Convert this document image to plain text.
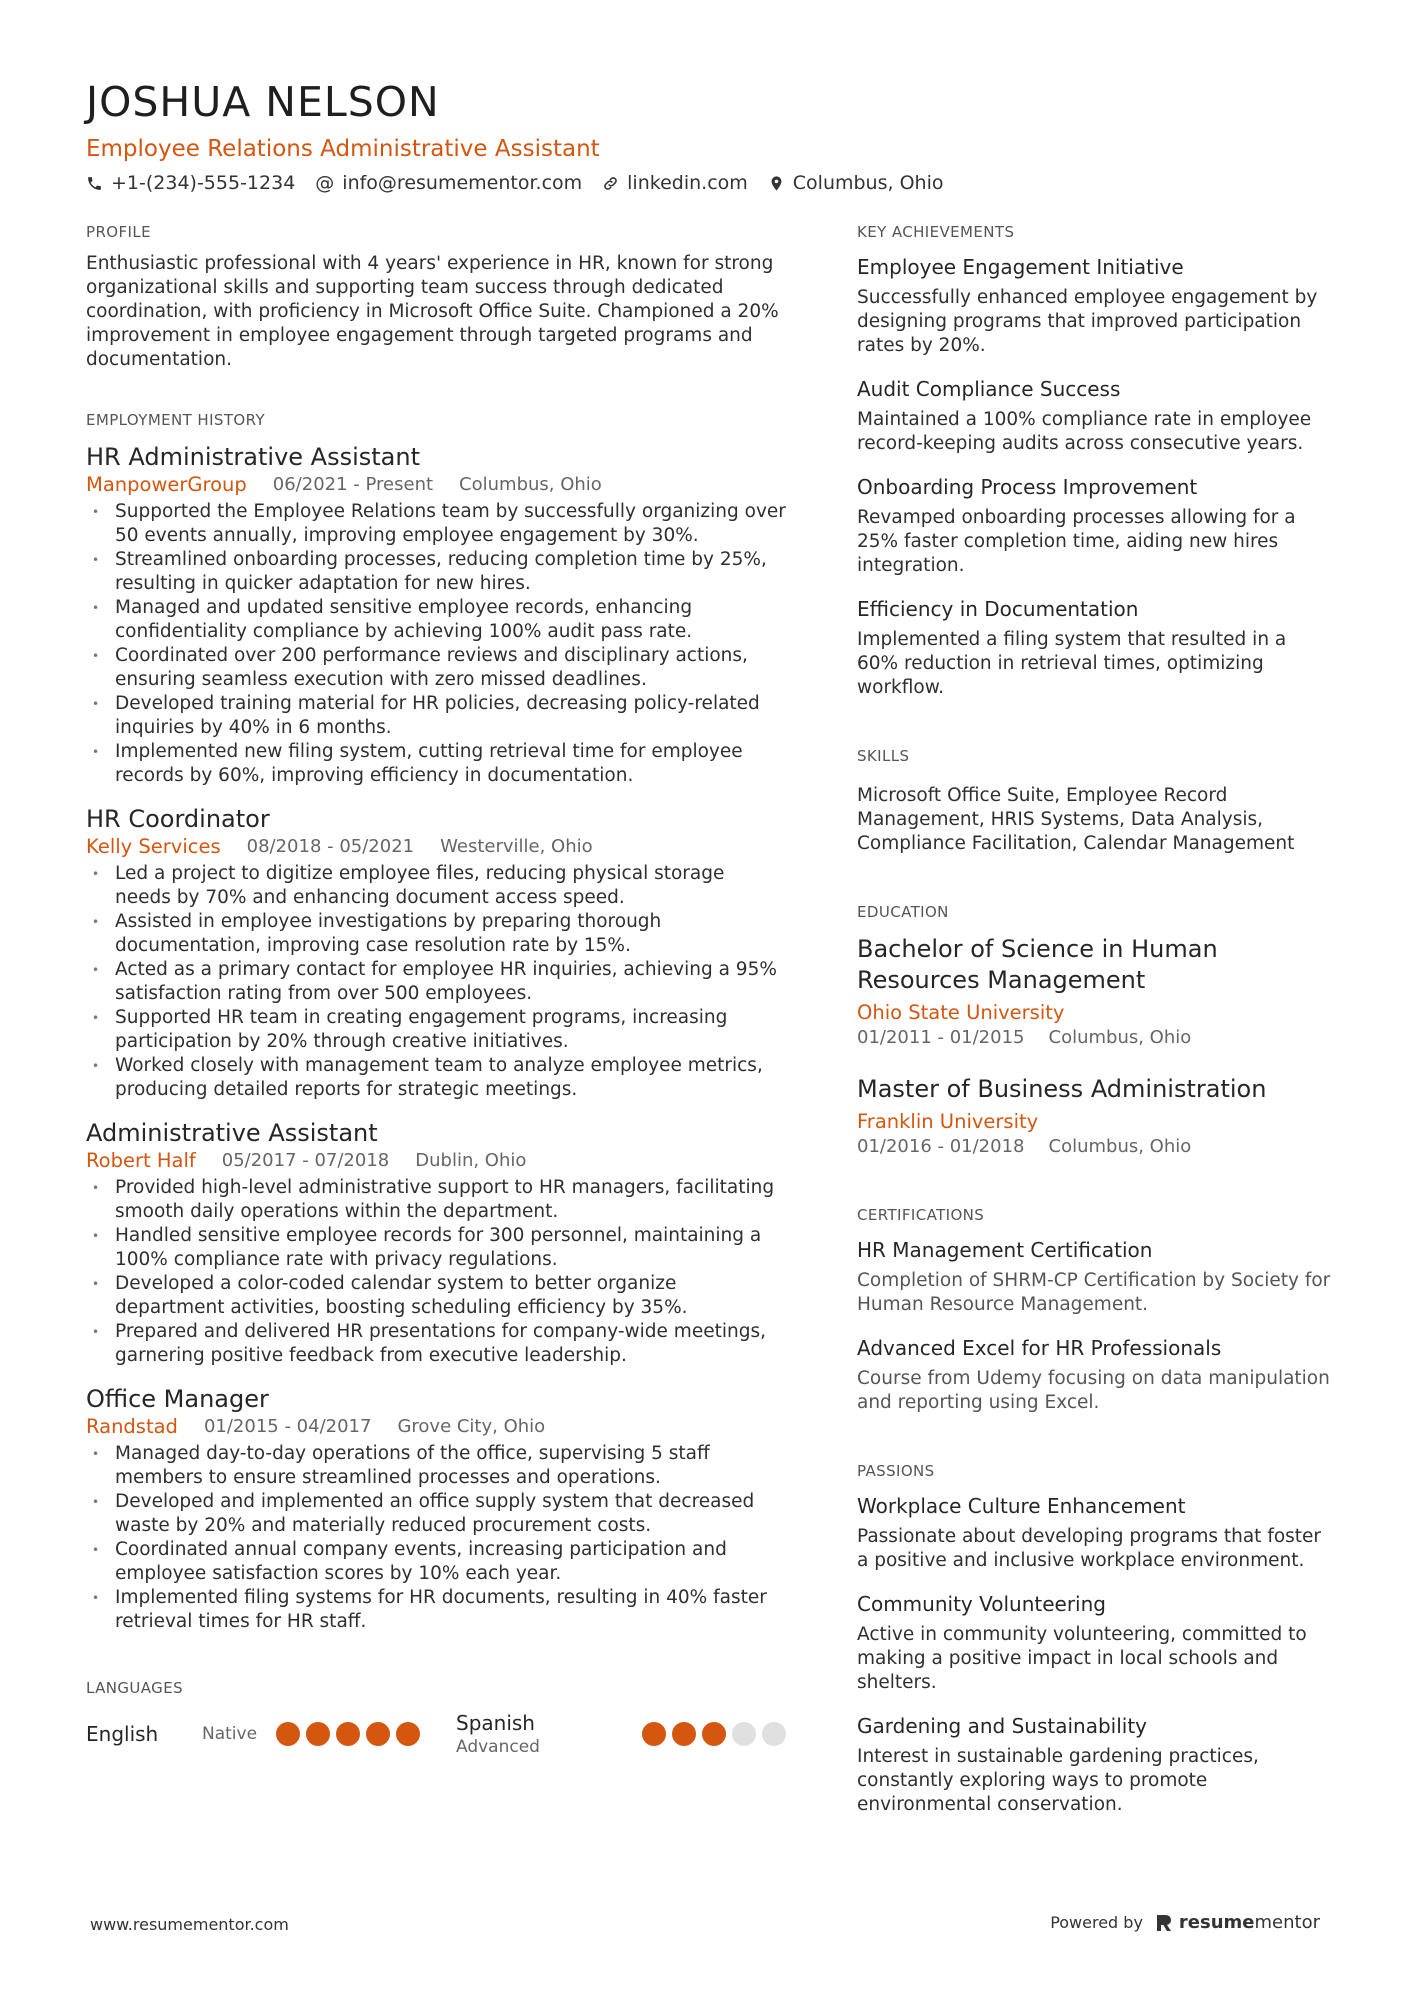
JOSHUA NELSON
Employee Relations Administrative Assistant
+1-(234)-555-1234 @ info@resumementor.com linkedin.com Columbus, Ohio
PROFILE
Enthusiastic professional with 4 years' experience in HR, known for strong organizational skills and supporting team success through dedicated coordination, with proficiency in Microsoft Office Suite. Championed a 20% improvement in employee engagement through targeted programs and documentation.
EMPLOYMENT HISTORY
HR Administrative Assistant
ManpowerGroup 06/2021 - Present Columbus, Ohio
• Supported the Employee Relations team by successfully organizing over 50 events annually, improving employee engagement by 30%.
• Streamlined onboarding processes, reducing completion time by 25%, resulting in quicker adaptation for new hires.
• Managed and updated sensitive employee records, enhancing confidentiality compliance by achieving 100% audit pass rate.
• Coordinated over 200 performance reviews and disciplinary actions, ensuring seamless execution with zero missed deadlines.
• Developed training material for HR policies, decreasing policy-related inquiries by 40% in 6 months.
• Implemented new filing system, cutting retrieval time for employee records by 60%, improving efficiency in documentation.
HR Coordinator
Kelly Services 08/2018 - 05/2021 Westerville, Ohio
• Led a project to digitize employee files, reducing physical storage needs by 70% and enhancing document access speed.
• Assisted in employee investigations by preparing thorough documentation, improving case resolution rate by 15%.
• Acted as a primary contact for employee HR inquiries, achieving a 95% satisfaction rating from over 500 employees.
• Supported HR team in creating engagement programs, increasing participation by 20% through creative initiatives.
• Worked closely with management team to analyze employee metrics, producing detailed reports for strategic meetings.
Administrative Assistant
Robert Half 05/2017 - 07/2018 Dublin, Ohio
• Provided high-level administrative support to HR managers, facilitating smooth daily operations within the department.
• Handled sensitive employee records for 300 personnel, maintaining a 100% compliance rate with privacy regulations.
• Developed a color-coded calendar system to better organize department activities, boosting scheduling efficiency by 35%.
• Prepared and delivered HR presentations for company-wide meetings, garnering positive feedback from executive leadership.
Office Manager
Randstad 01/2015 - 04/2017 Grove City, Ohio
• Managed day-to-day operations of the office, supervising 5 staff members to ensure streamlined processes and operations.
• Developed and implemented an office supply system that decreased waste by 20% and materially reduced procurement costs.
• Coordinated annual company events, increasing participation and employee satisfaction scores by 10% each year.
• Implemented filing systems for HR documents, resulting in 40% faster retrieval times for HR staff.
LANGUAGES
English	Native	Spanish
Advanced
KEY ACHIEVEMENTS
Employee Engagement Initiative
Successfully enhanced employee engagement by designing programs that improved participation rates by 20%.
Audit Compliance Success
Maintained a 100% compliance rate in employee record-keeping audits across consecutive years.
Onboarding Process Improvement
Revamped onboarding processes allowing for a 25% faster completion time, aiding new hires integration.
Efficiency in Documentation
Implemented a filing system that resulted in a 60% reduction in retrieval times, optimizing workflow.
SKILLS
Microsoft Office Suite, Employee Record Management, HRIS Systems, Data Analysis, Compliance Facilitation, Calendar Management
EDUCATION
Bachelor of Science in Human Resources Management
Ohio State University
01/2011 - 01/2015 Columbus, Ohio
Master of Business Administration
Franklin University
01/2016 - 01/2018 Columbus, Ohio
CERTIFICATIONS
HR Management Certification
Completion of SHRM-CP Certification by Society for Human Resource Management.
Advanced Excel for HR Professionals
Course from Udemy focusing on data manipulation and reporting using Excel.
PASSIONS
Workplace Culture Enhancement
Passionate about developing programs that foster a positive and inclusive workplace environment.
Community Volunteering
Active in community volunteering, committed to making a positive impact in local schools and shelters.
Gardening and Sustainability
Interest in sustainable gardening practices, constantly exploring ways to promote environmental conservation.
www.resumementor.com	Powered by resumementor
